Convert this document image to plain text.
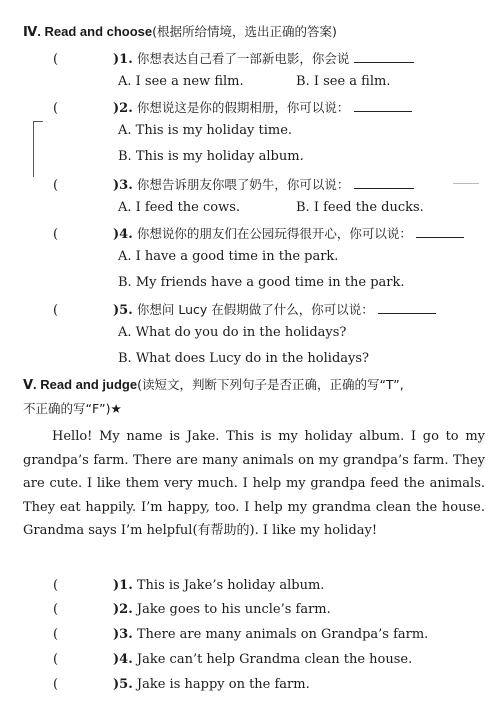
Ⅳ. Read and choose(根据所给情境，选出正确的答案)
(	)1. 你想表达自己看了一部新电影，你会说
A. I see a new film.	B. I see a film.
(	)2. 你想说这是你的假期相册，你可以说：
A. This is my holiday time.
B. This is my holiday album.
(	)3. 你想告诉朋友你喂了奶牛，你可以说：
A. I feed the cows.	B. I feed the ducks.
(	)4. 你想说你的朋友们在公园玩得很开心，你可以说：
A. I have a good time in the park.
B. My friends have a good time in the park.
(	)5. 你想问 Lucy 在假期做了什么，你可以说：
A. What do you do in the holidays?
B. What does Lucy do in the holidays?
Ⅴ. Read and judge(读短文，判断下列句子是否正确，正确的写“T”,
不正确的写“F”)★
Hello! My name is Jake. This is my holiday album. I go to my grandpa’s farm. There are many animals on my grandpa’s farm. They are cute. I like them very much. I help my grandpa feed the animals. They eat happily. I’m happy, too. I help my grandma clean the house. Grandma says I’m helpful(有帮助的). I like my holiday!
(	)1. This is Jake’s holiday album.
(	)2. Jake goes to his uncle’s farm.
(	)3. There are many animals on Grandpa’s farm.
(	)4. Jake can’t help Grandma clean the house.
(	)5. Jake is happy on the farm.
